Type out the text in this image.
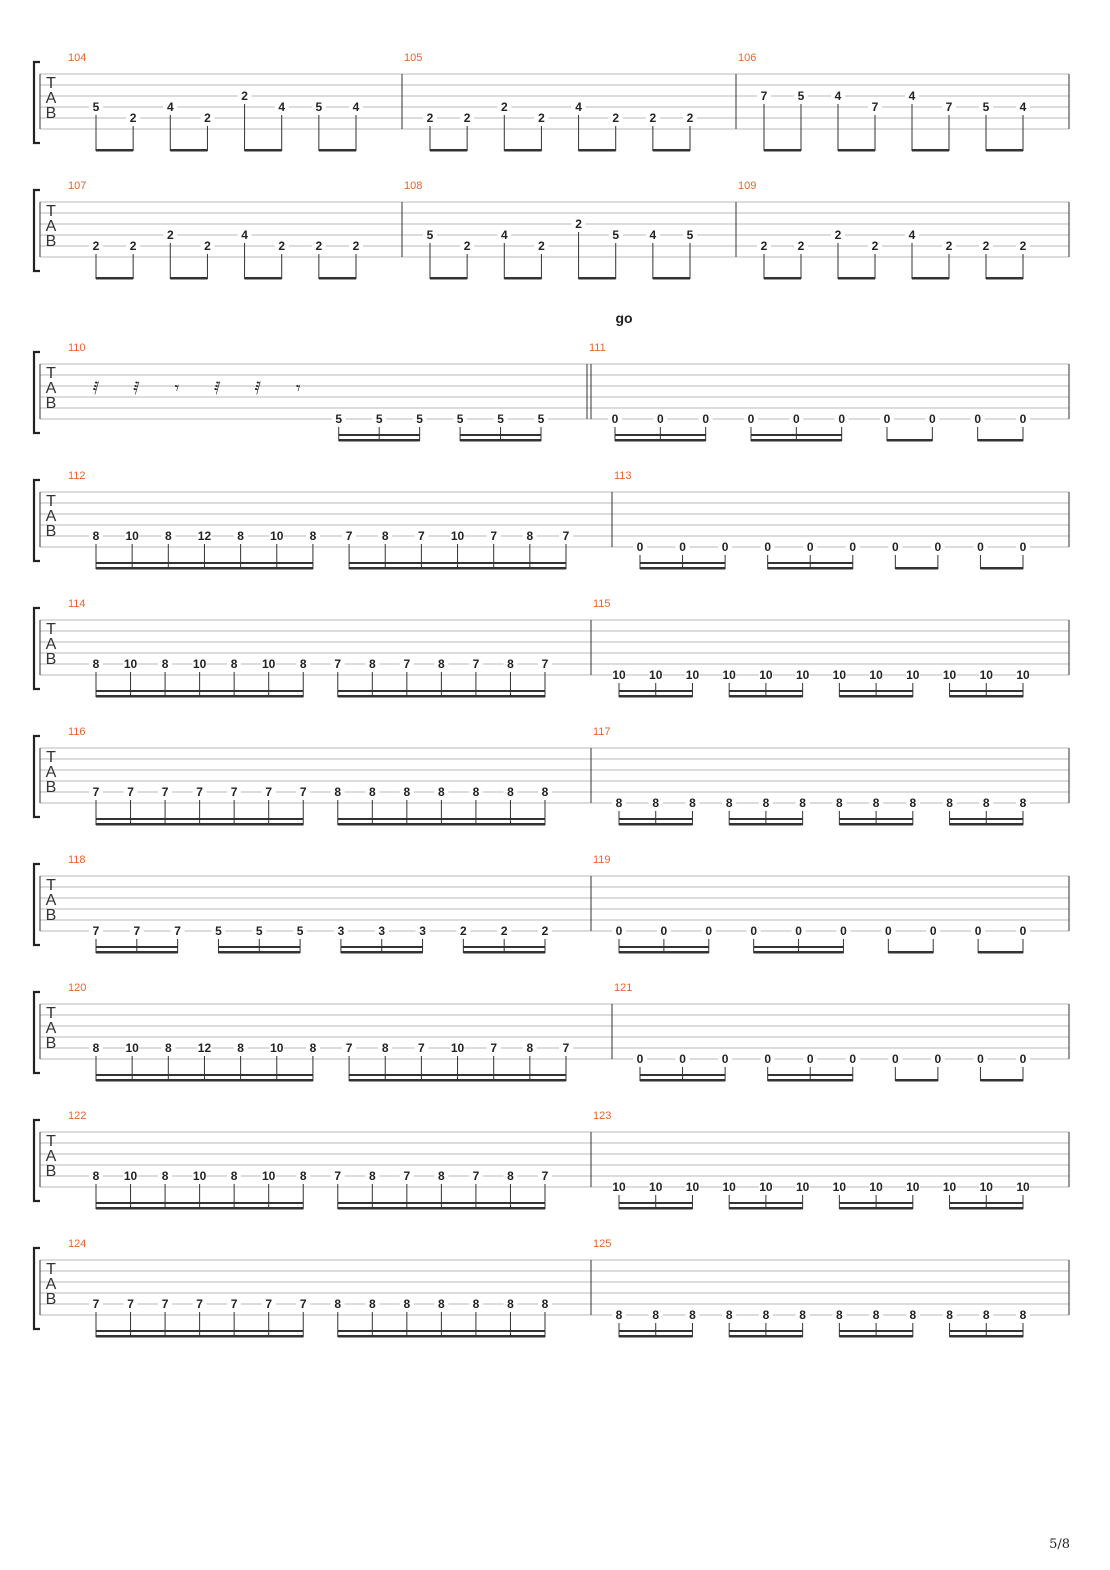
T
A
B
104
5
2
4
2
2
4	5	4
105
2	2
2
2
4
2	2	2
106
7	5	4
7
4
7	5	4
T
A
B
107
2	2
2
2
4
2	2	2
108
5
2
4
2
2
5	4	5
109
2	2
2
2
4
2	2	2
T
A
B
110
𝅀 𝅀 𝄾 𝅀 𝅀 𝄾
5	5	5	5	5	5
111
0	0	0	0	0	0	0	0	0	0
T
A
B
112
8 10 8 12 8 10 8 7 8 7 10 7 8 7
113
0	0	0	0	0	0	0	0	0	0
T
A
B
114
8 10 8 10 8 10 8 7 8 7 8 7 8 7
115
10 10 10 10 10 10 10 10 10 10 10 10
T
A
B
116
7 7 7 7 7 7 7 8 8 8 8 8 8 8
117
8	8	8	8	8	8	8	8	8	8	8	8
T
A
B
118
7	7	7	5	5	5	3	3	3	2	2	2
119
0	0	0	0	0	0	0	0	0	0
T
A
B
120
8 10 8 12 8 10 8 7 8 7 10 7 8 7
121
0	0	0	0	0	0	0	0	0	0
T
A
B
122
8 10 8 10 8 10 8 7 8 7 8 7 8 7
123
10 10 10 10 10 10 10 10 10 10 10 10
T
A
B
124
7 7 7 7 7 7 7 8 8 8 8 8 8 8
125
8	8	8	8	8	8	8	8	8	8	8	8
go
5/8
